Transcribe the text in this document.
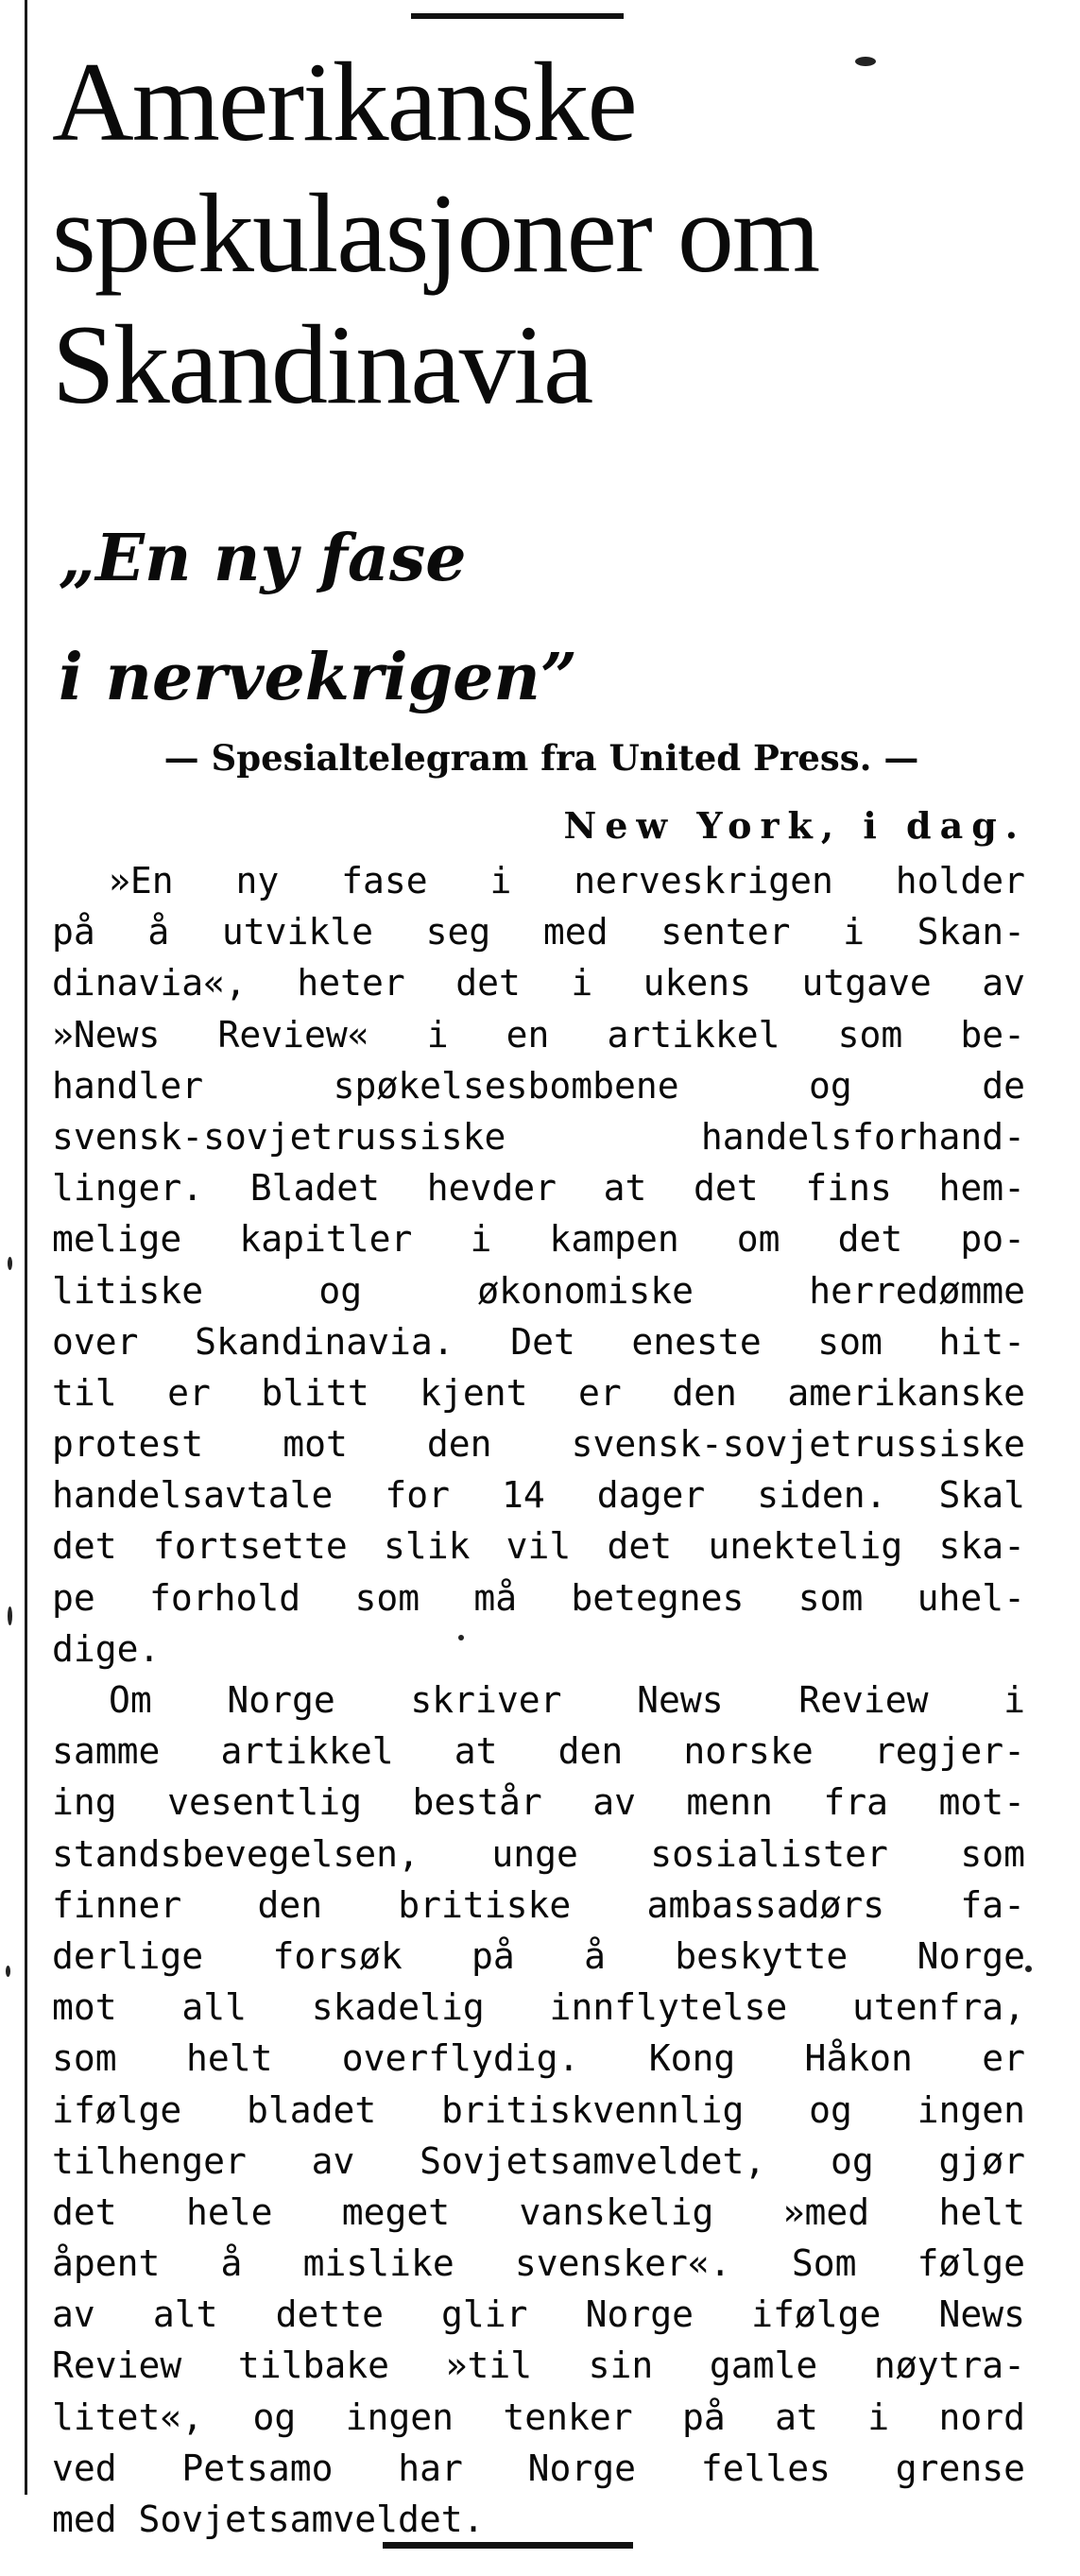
Amerikanske
spekulasjoner om
Skandinavia
„En ny fase
i nervekrigen”
— Spesialtelegram fra United Press. —
New York, i dag.
»En ny fase i nerveskrigen holder
på å utvikle seg med senter i Skan-
dinavia«, heter det i ukens utgave av
»News Review« i en artikkel som be-
handler spøkelsesbombene og de
svensk-sovjetrussiske handelsforhand-
linger. Bladet hevder at det fins hem-
melige kapitler i kampen om det po-
litiske og økonomiske herredømme
over Skandinavia. Det eneste som hit-
til er blitt kjent er den amerikanske
protest mot den svensk-sovjetrussiske
handelsavtale for 14 dager siden. Skal
det fortsette slik vil det unektelig ska-
pe forhold som må betegnes som uhel-
dige.
Om Norge skriver News Review i
samme artikkel at den norske regjer-
ing vesentlig består av menn fra mot-
standsbevegelsen, unge sosialister som
finner den britiske ambassadørs fa-
derlige forsøk på å beskytte Norge
mot all skadelig innflytelse utenfra,
som helt overflydig. Kong Håkon er
ifølge bladet britiskvennlig og ingen
tilhenger av Sovjetsamveldet, og gjør
det hele meget vanskelig »med helt
åpent å mislike svensker«. Som følge
av alt dette glir Norge ifølge News
Review tilbake »til sin gamle nøytra-
litet«, og ingen tenker på at i nord
ved Petsamo har Norge felles grense
med Sovjetsamveldet.
